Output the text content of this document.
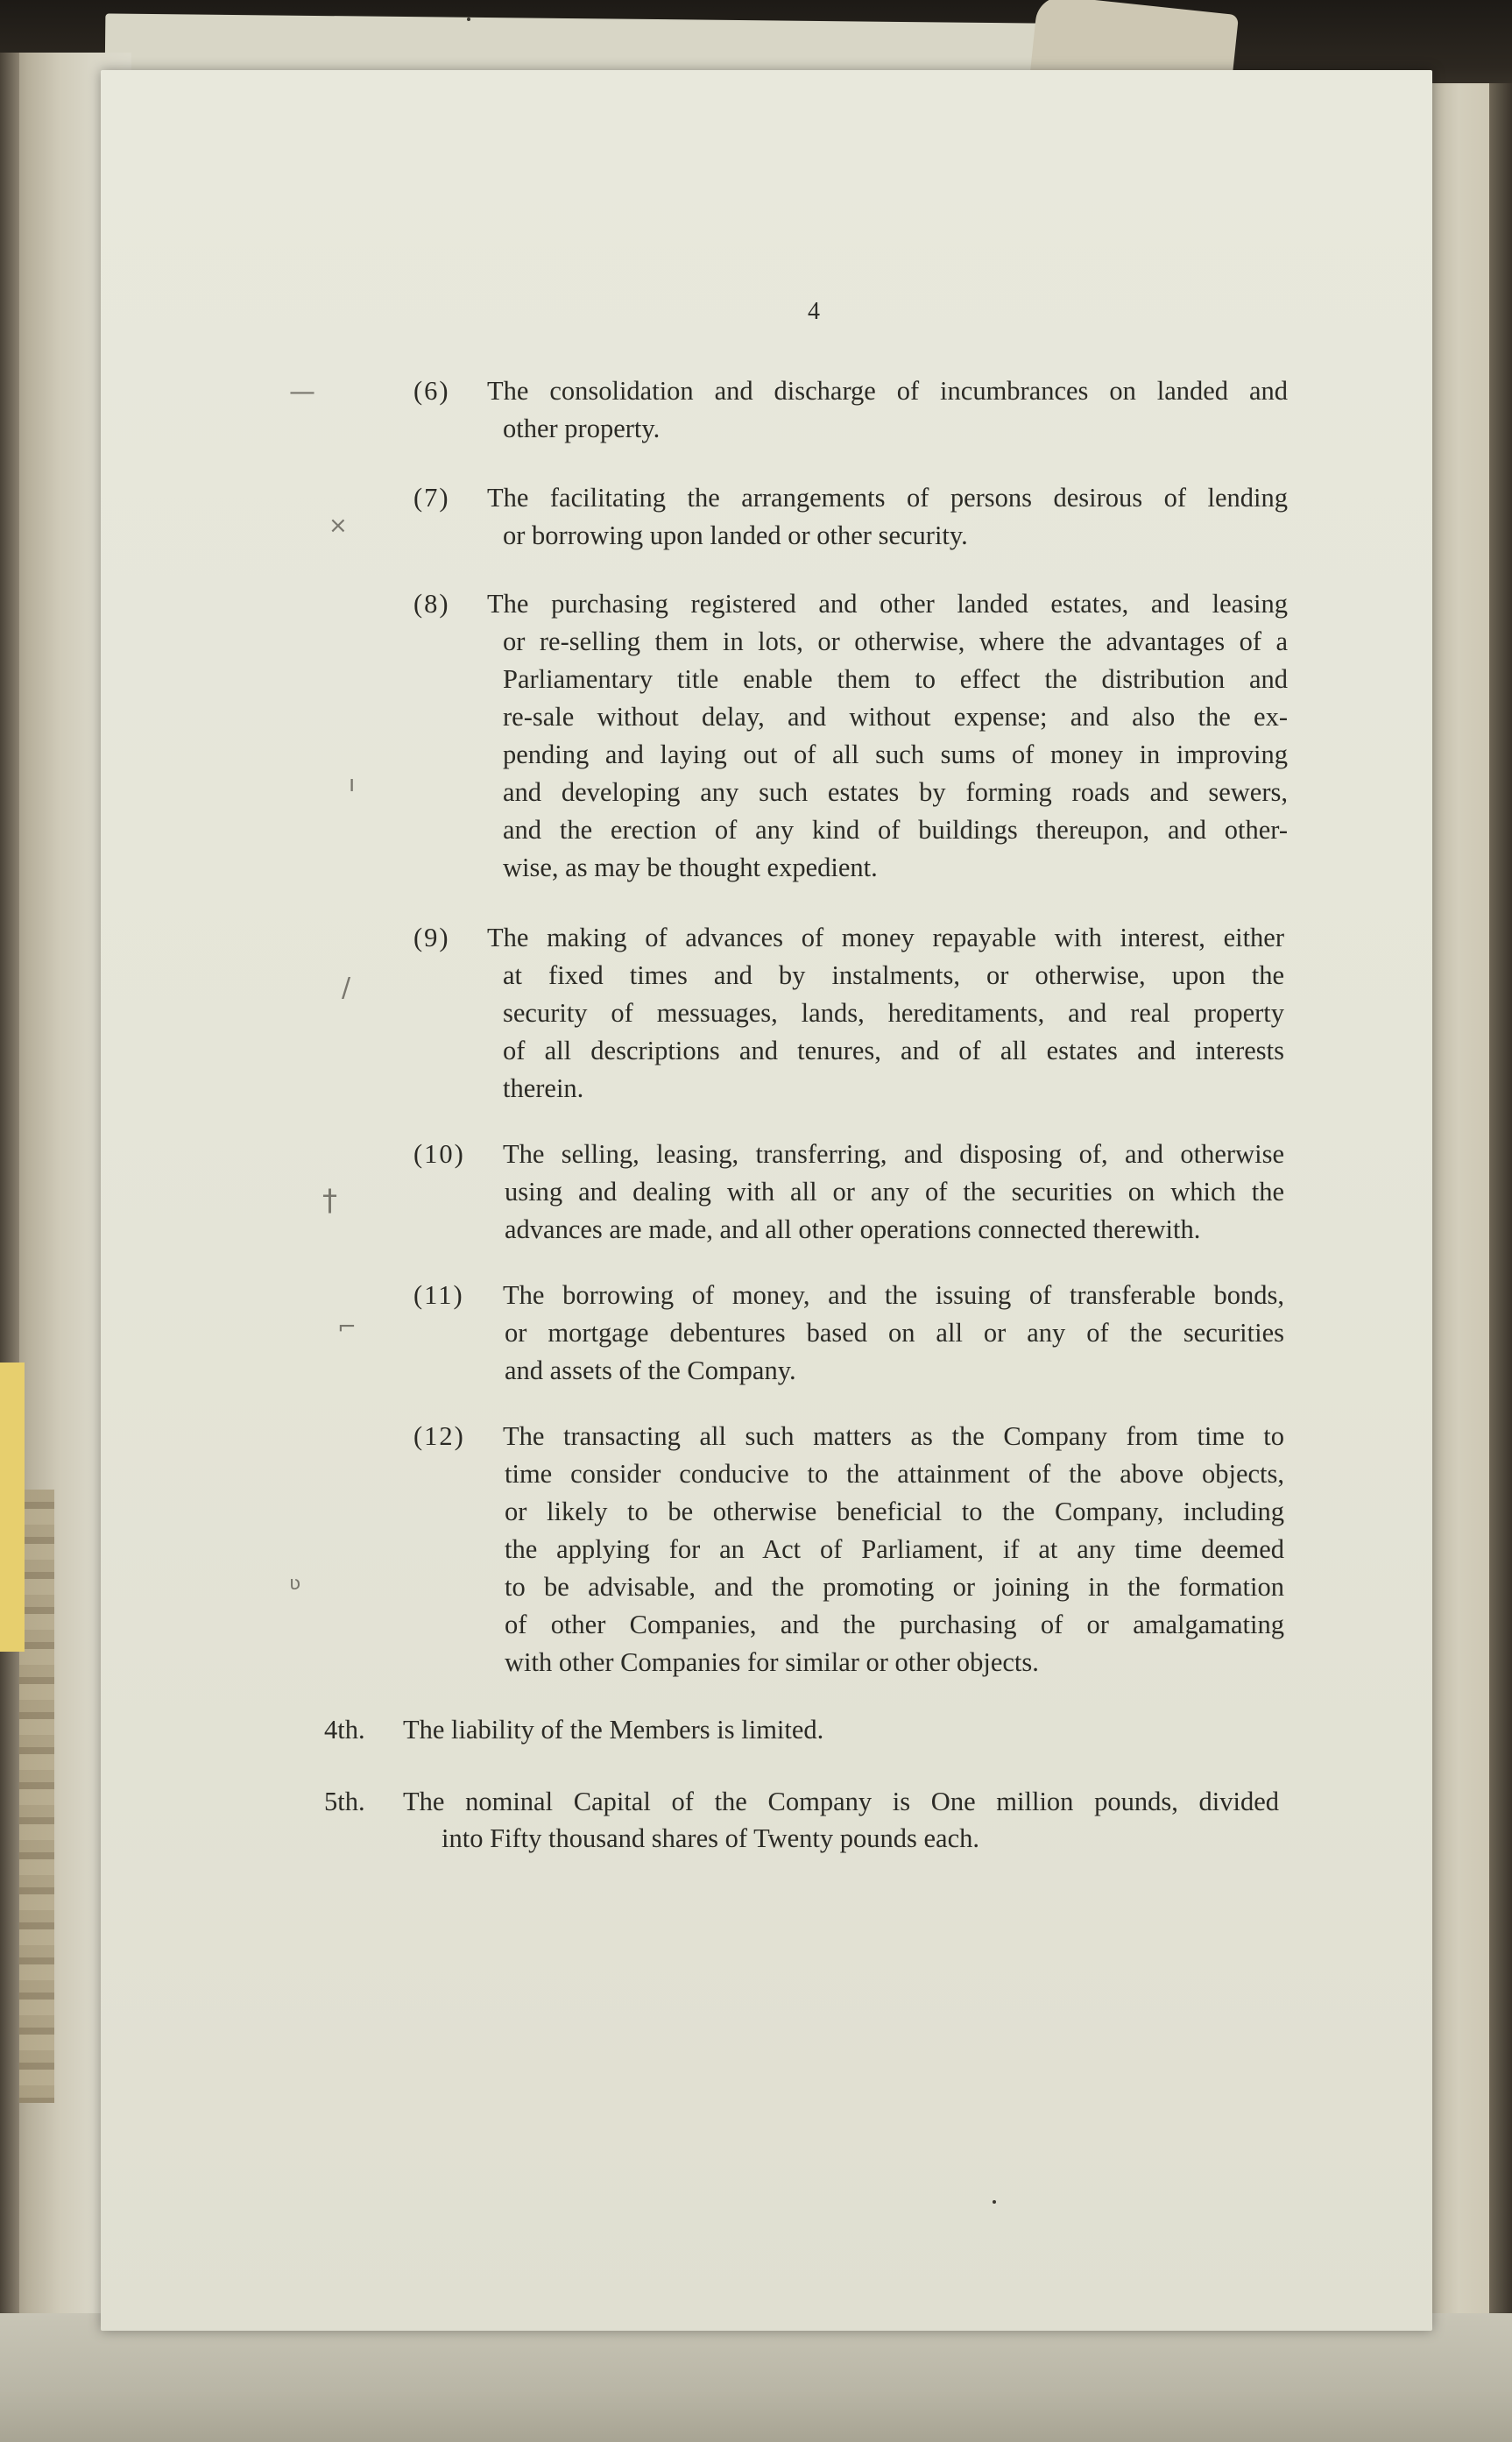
4
(6) The consolidation and discharge of incumbrances on landed and
other property.
(7) The facilitating the arrangements of persons desirous of lending
or borrowing upon landed or other security.
(8) The purchasing registered and other landed estates, and leasing
or re-selling them in lots, or otherwise, where the advantages of a
Parliamentary title enable them to effect the distribution and
re-sale without delay, and without expense; and also the ex-
pending and laying out of all such sums of money in improving
and developing any such estates by forming roads and sewers,
and the erection of any kind of buildings thereupon, and other-
wise, as may be thought expedient.
(9) The making of advances of money repayable with interest, either
at fixed times and by instalments, or otherwise, upon the
security of messuages, lands, hereditaments, and real property
of all descriptions and tenures, and of all estates and interests
therein.
(10) The selling, leasing, transferring, and disposing of, and otherwise
using and dealing with all or any of the securities on which the
advances are made, and all other operations connected therewith.
(11) The borrowing of money, and the issuing of transferable bonds,
or mortgage debentures based on all or any of the securities
and assets of the Company.
(12) The transacting all such matters as the Company from time to
time consider conducive to the attainment of the above objects,
or likely to be otherwise beneficial to the Company, including
the applying for an Act of Parliament, if at any time deemed
to be advisable, and the promoting or joining in the formation
of other Companies, and the purchasing of or amalgamating
with other Companies for similar or other objects.
4th. The liability of the Members is limited.
5th. The nominal Capital of the Company is One million pounds, divided
into Fifty thousand shares of Twenty pounds each.
—
×
ı
/
†
⌐
ʋ
